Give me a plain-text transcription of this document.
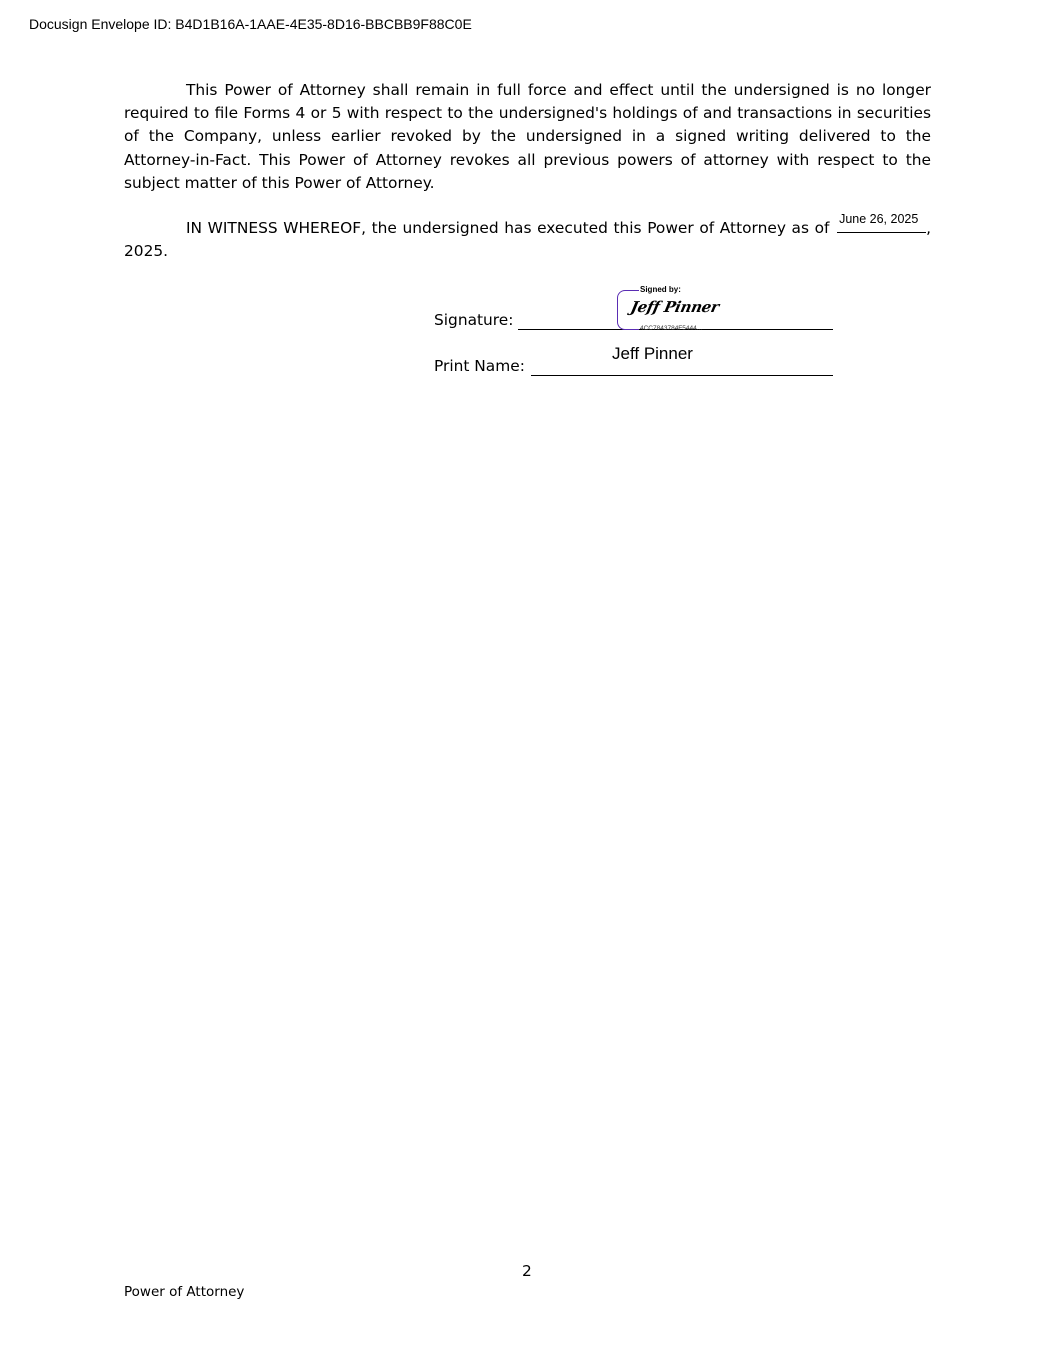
Docusign Envelope ID: B4D1B16A-1AAE-4E35-8D16-BBCBB9F88C0E

This Power of Attorney shall remain in full force and effect until the undersigned is no longer required to file Forms 4 or 5 with respect to the undersigned's holdings of and transactions in securities of the Company, unless earlier revoked by the undersigned in a signed writing delivered to the Attorney-in-Fact. This Power of Attorney revokes all previous powers of attorney with respect to the subject matter of this Power of Attorney.

IN WITNESS WHEREOF, the undersigned has executed this Power of Attorney as of June 26, 2025 , 2025.

Signature:
Signed by:
Jeff Pinner
4CC7843784F5444...
Print Name:
Jeff Pinner
2
Power of Attorney
